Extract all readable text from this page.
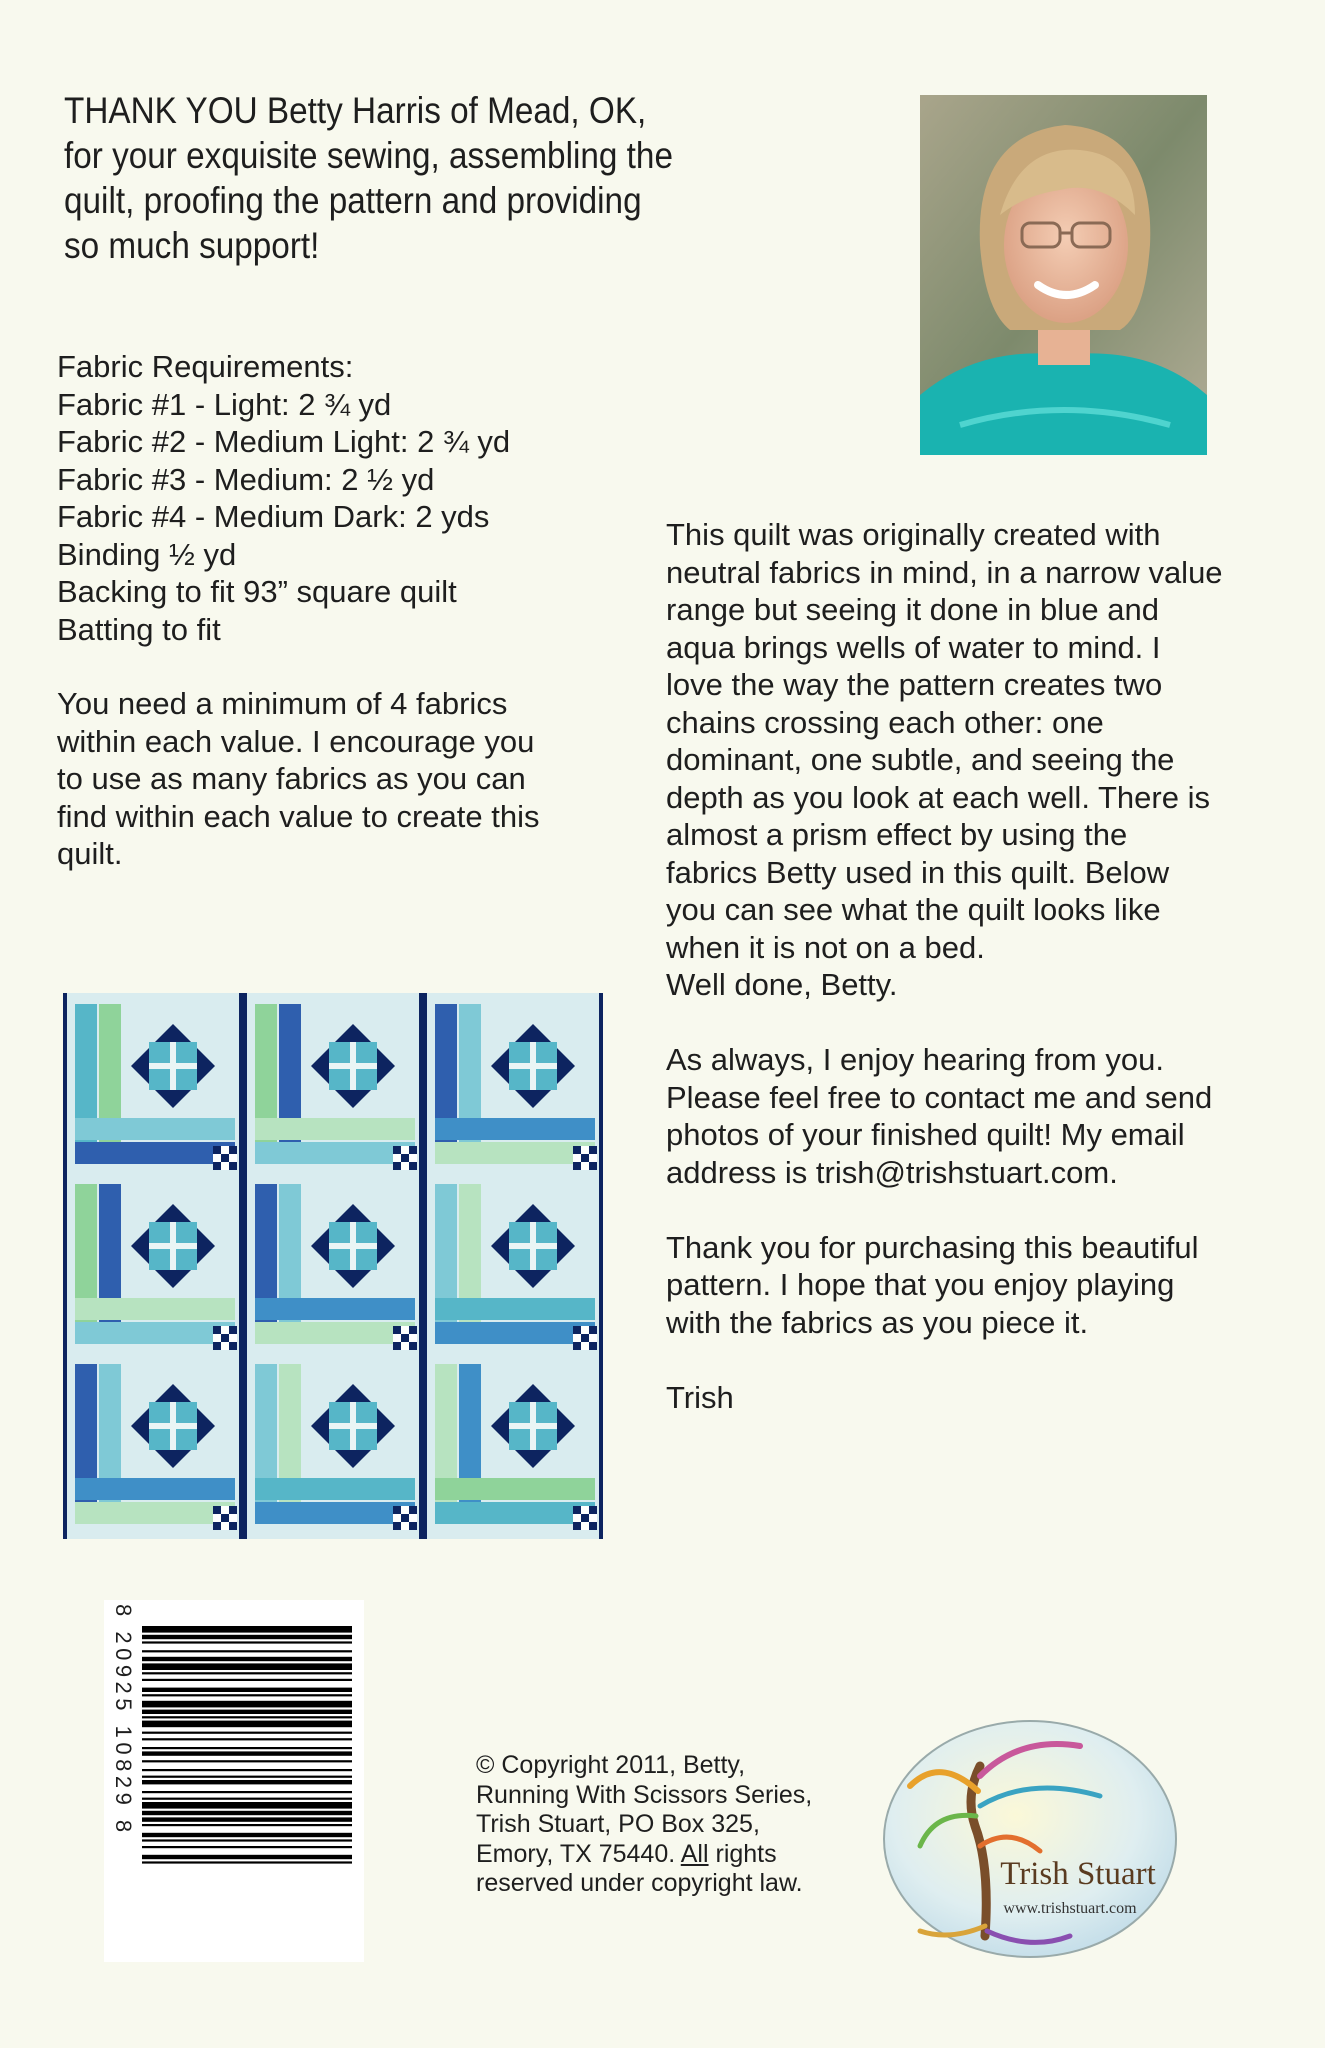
THANK YOU Betty Harris of Mead, OK,
for your exquisite sewing, assembling the
quilt, proofing the pattern and providing
so much support!
Fabric Requirements:
Fabric #1 - Light: 2 ¾ yd
Fabric #2 - Medium Light: 2 ¾ yd
Fabric #3 - Medium: 2 ½ yd
Fabric #4 - Medium Dark: 2 yds
Binding ½ yd
Backing to fit 93” square quilt
Batting to fit
You need a minimum of 4 fabrics
within each value. I encourage you
to use as many fabrics as you can
find within each value to create this
quilt.

This quilt was originally created with
neutral fabrics in mind, in a narrow value
range but seeing it done in blue and
aqua brings wells of water to mind. I
love the way the pattern creates two
chains crossing each other: one
dominant, one subtle, and seeing the
depth as you look at each well. There is
almost a prism effect by using the
fabrics Betty used in this quilt. Below
you can see what the quilt looks like
when it is not on a bed.

Well done, Betty.

As always, I enjoy hearing from you.
Please feel free to contact me and send
photos of your finished quilt! My email
address is trish@trishstuart.com.

Thank you for purchasing this beautiful
pattern. I hope that you enjoy playing
with the fabrics as you piece it.

Trish

8 20925 10829 8	© Copyright 2011, Betty,
Running With Scissors Series,
Trish Stuart, PO Box 325,
Emory, TX 75440. All rights
reserved under copyright law.	Trish Stuart
www.trishstuart.com
